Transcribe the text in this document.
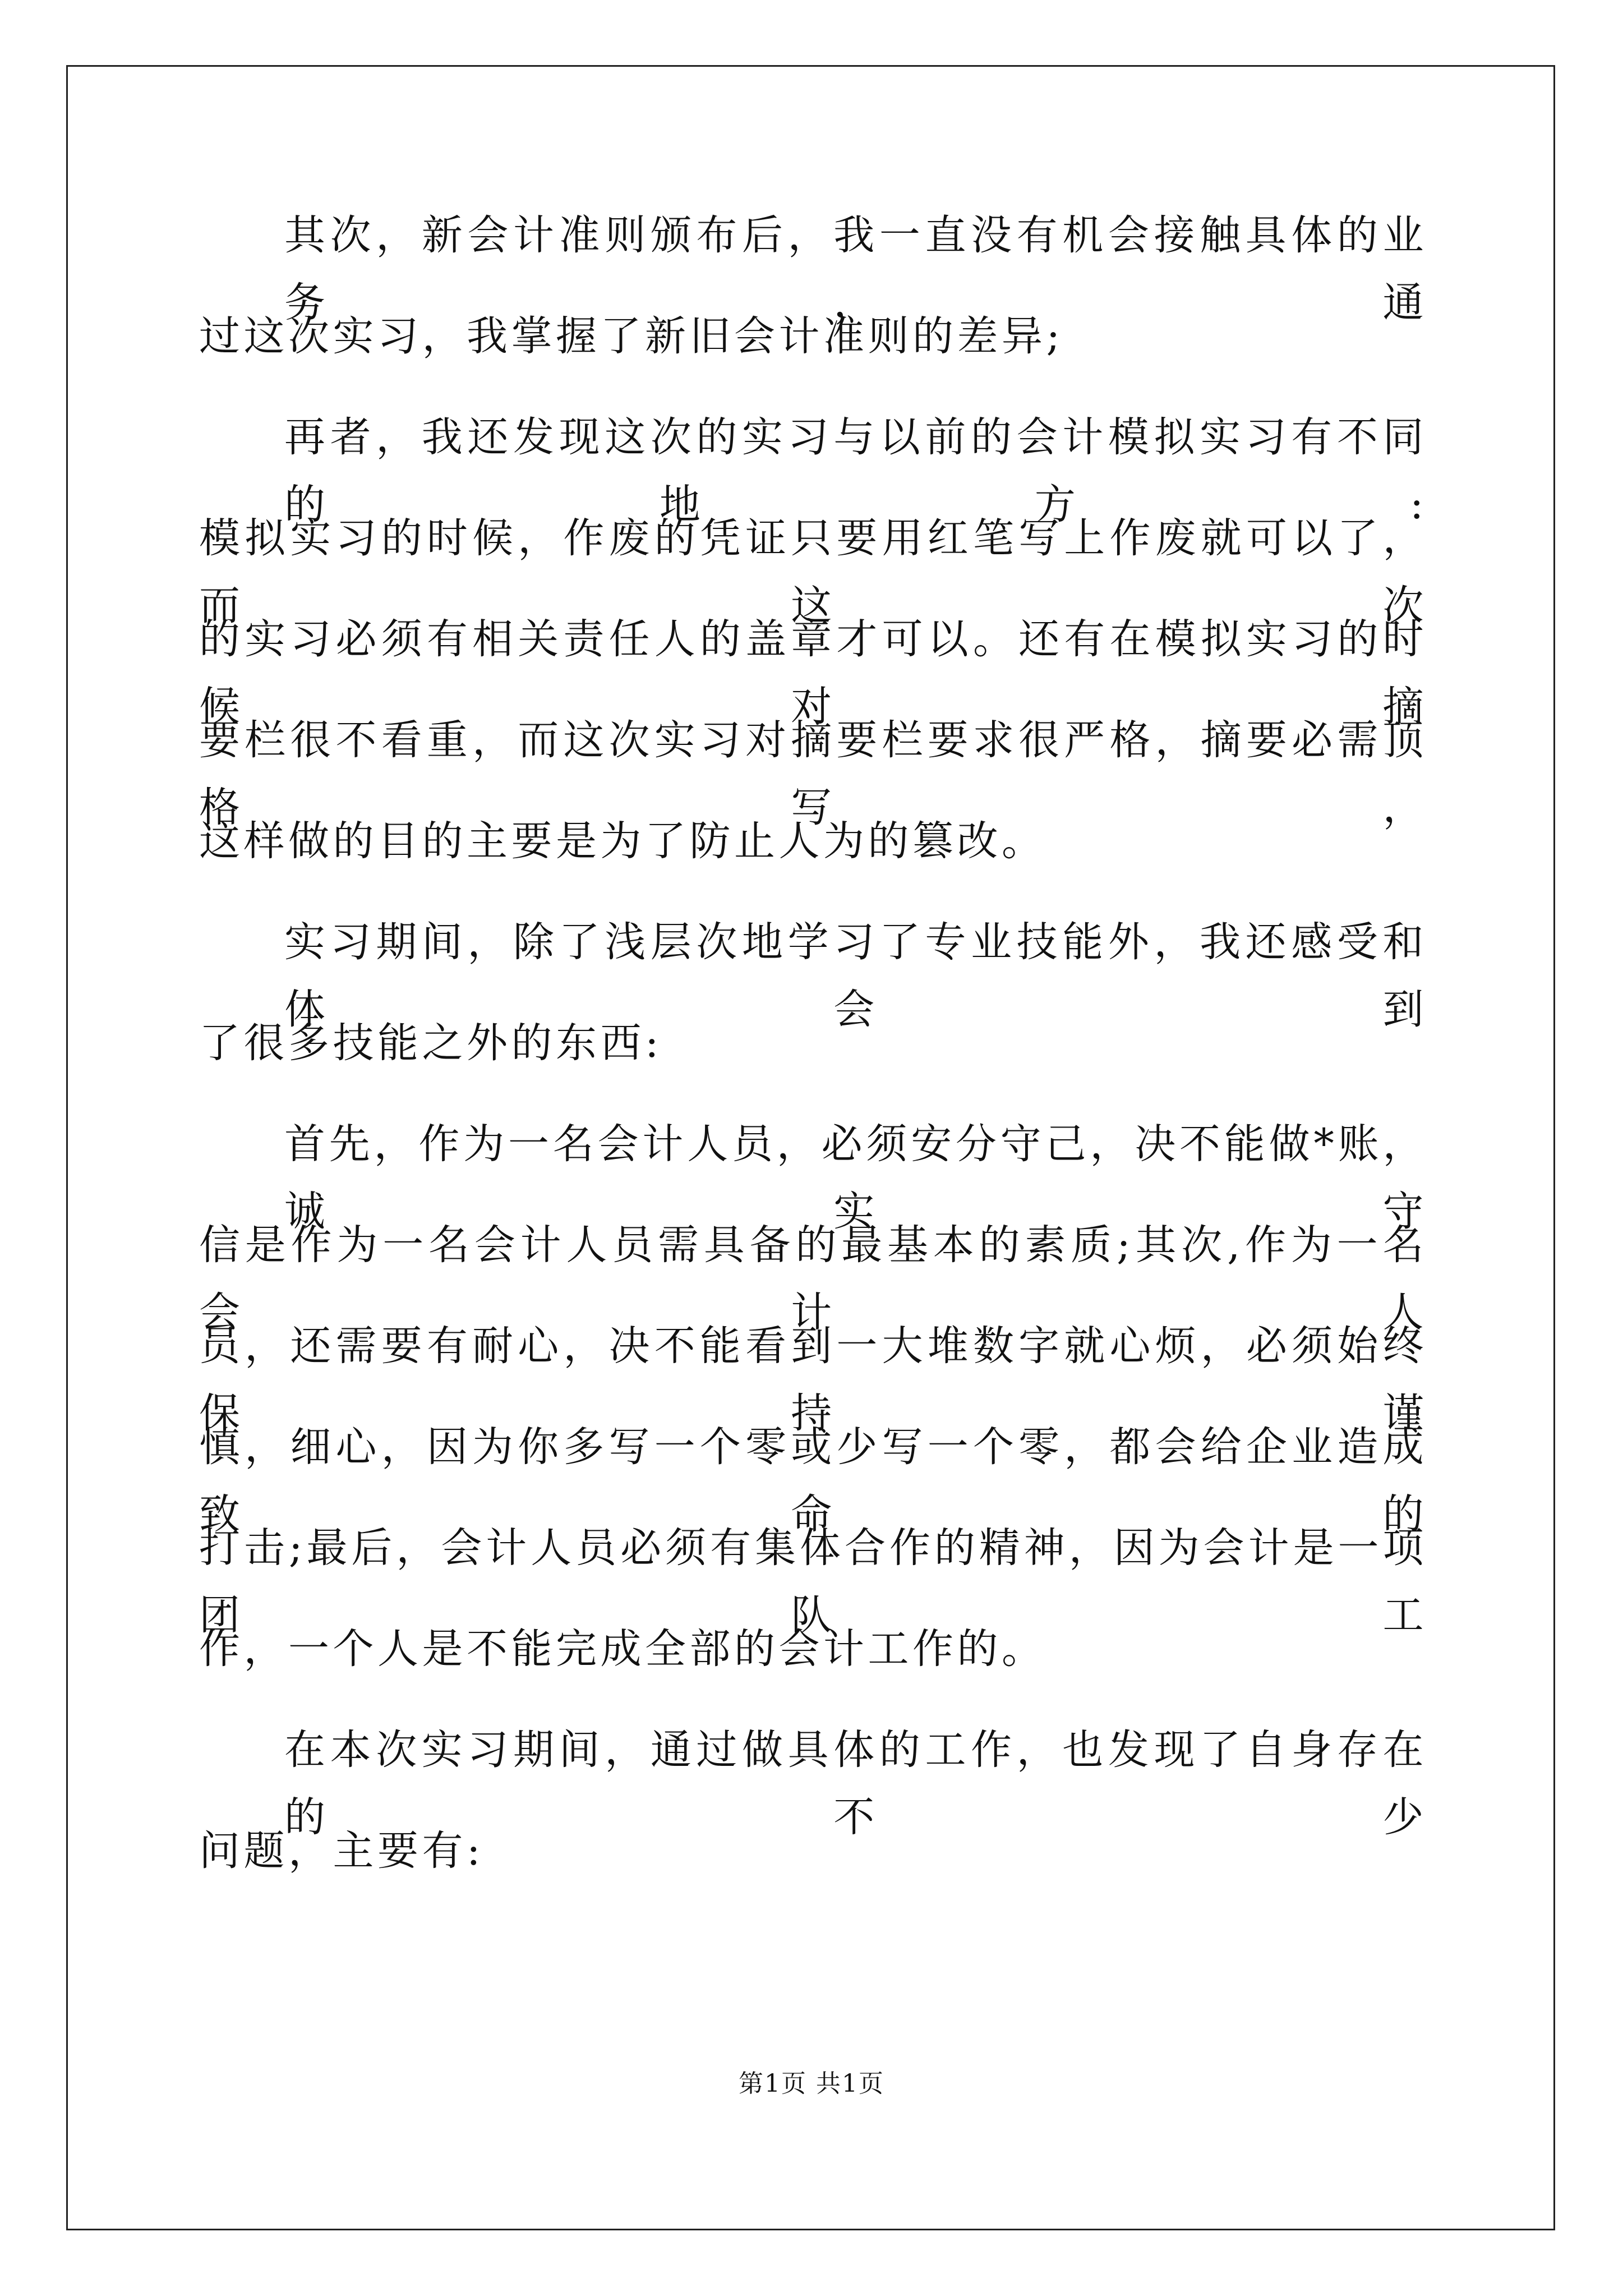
其次，新会计准则颁布后，我一直没有机会接触具体的业务，通
过这次实习，我掌握了新旧会计准则的差异;
再者，我还发现这次的实习与以前的会计模拟实习有不同的地方:
模拟实习的时候，作废的凭证只要用红笔写上作废就可以了，而这次
的实习必须有相关责任人的盖章才可以。还有在模拟实习的时候对摘
要栏很不看重，而这次实习对摘要栏要求很严格，摘要必需顶格写，
这样做的目的主要是为了防止人为的篡改。
实习期间，除了浅层次地学习了专业技能外，我还感受和体会到
了很多技能之外的东西:
首先，作为一名会计人员，必须安分守己，决不能做*账，诚实守
信是作为一名会计人员需具备的最基本的素质;其次,作为一名会计人
员，还需要有耐心，决不能看到一大堆数字就心烦，必须始终保持谨
慎，细心，因为你多写一个零或少写一个零，都会给企业造成致命的
打击;最后，会计人员必须有集体合作的精神，因为会计是一项团队工
作，一个人是不能完成全部的会计工作的。
在本次实习期间，通过做具体的工作，也发现了自身存在的不少
问题，主要有:
第1页 共1页
